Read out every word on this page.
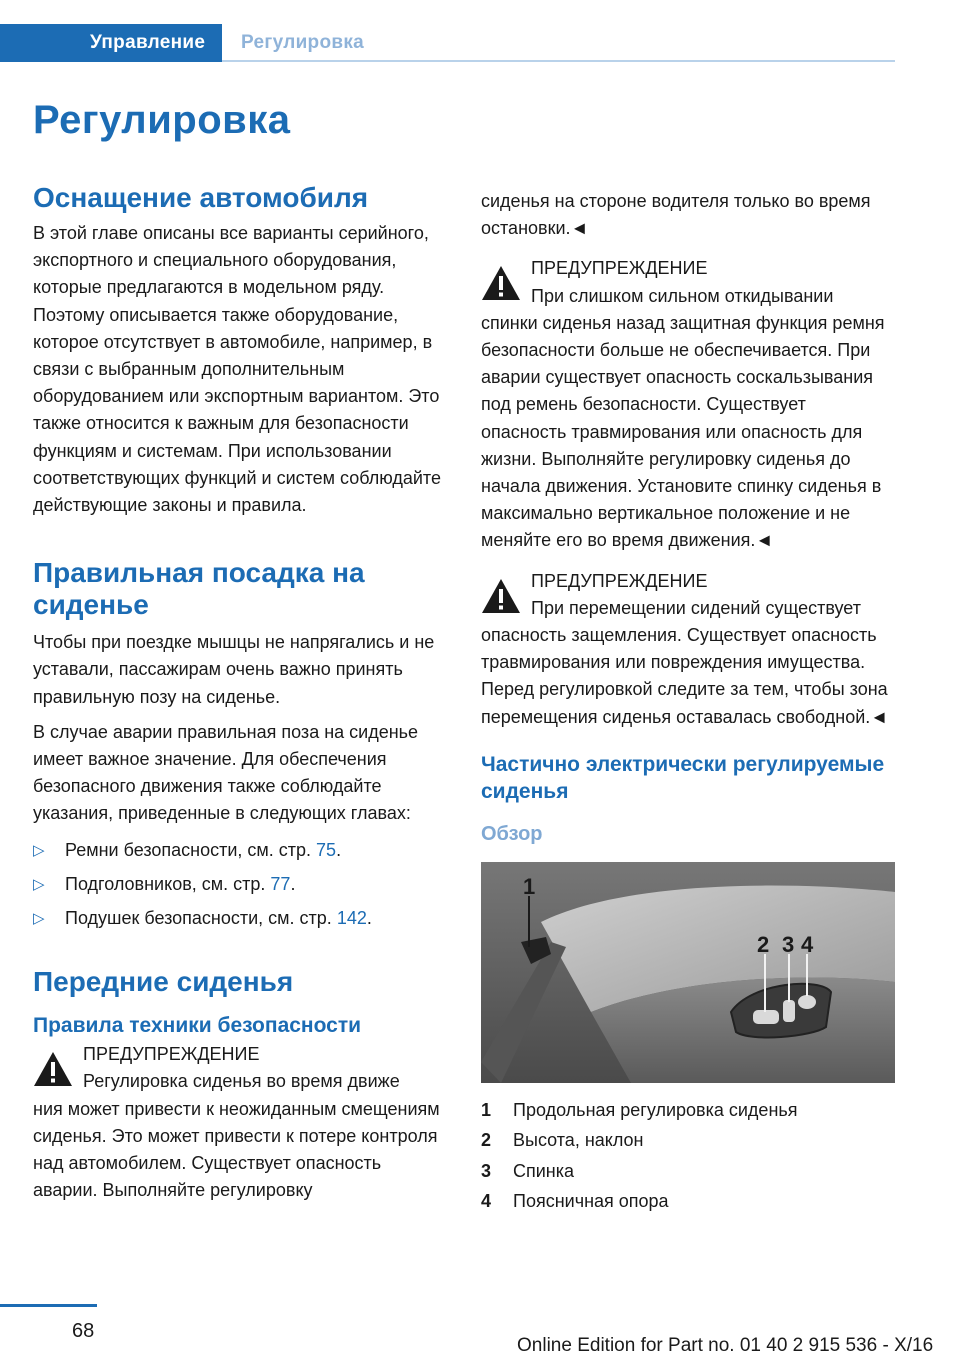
Управление Регулировка
Регулировка
Оснащение автомобиля

В этой главе описаны все варианты серийного, экспортного и специального оборудования, которые предлагаются в модельном ряду. Поэтому описывается также оборудование, которое отсутствует в автомобиле, например, в связи с выбранным дополнительным оборудованием или экспортным вариантом. Это также относится к важным для безопасности функциям и системам. При использовании соответствующих функций и систем соблюдайте действующие законы и правила.

Правильная посадка на сиденье

Чтобы при поездке мышцы не напрягались и не уставали, пассажирам очень важно принять правильную позу на сиденье.

В случае аварии правильная поза на сиденье имеет важное значение. Для обеспечения безопасного движения также соблюдайте указания, приведенные в следующих главах:

▷ Ремни безопасности, см. стр. 75.
▷ Подголовников, см. стр. 77.
▷ Подушек безопасности, см. стр. 142.
Передние сиденья
Правила техники безопасности
ПРЕДУПРЕЖДЕНИЕ
Регулировка сиденья во время движе
ния может привести к неожиданным смещениям сиденья. Это может привести к потере контроля над автомобилем. Существует опасность аварии. Выполняйте регулировку

сиденья на стороне водителя только во время остановки.◄

ПРЕДУПРЕЖДЕНИЕ
При слишком сильном откидывании
спинки сиденья назад защитная функция ремня безопасности больше не обеспечивается. При аварии существует опасность соскальзывания под ремень безопасности. Существует опасность травмирования или опасность для жизни. Выполняйте регулировку сиденья до начала движения. Установите спинку сиденья в максимально вертикальное положение и не меняйте его во время движения.◄
ПРЕДУПРЕЖДЕНИЕ
При перемещении сидений существует
опасность защемления. Существует опасность травмирования или повреждения имущества. Перед регулировкой следите за тем, чтобы зона перемещения сиденья оставалась свободной.◄
Частично электрически регулируемые сиденья
Обзор
1
2 3 4
1	Продольная регулировка сиденья
2	Высота, наклон
3	Спинка
4	Поясничная опора
68
Online Edition for Part no. 01 40 2 915 536 - X/16
